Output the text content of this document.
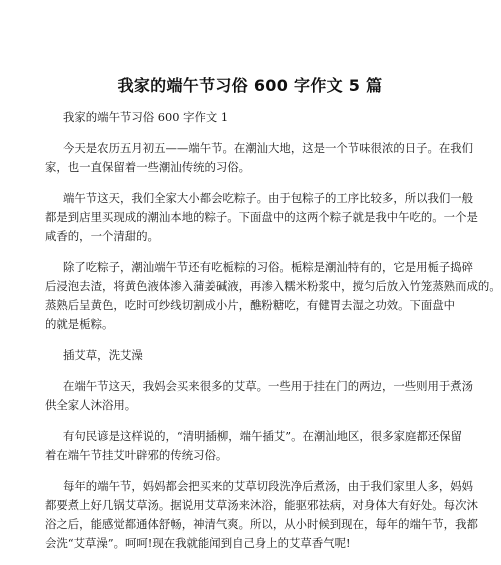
我家的端午节习俗 600 字作文 5 篇
我家的端午节习俗 600 字作文 1
今天是农历五月初五——端午节。在潮汕大地，这是一个节味很浓的日子。在我们
家，也一直保留着一些潮汕传统的习俗。
端午节这天，我们全家大小都会吃粽子。由于包粽子的工序比较多，所以我们一般
都是到店里买现成的潮汕本地的粽子。下面盘中的这两个粽子就是我中午吃的。一个是
咸香的，一个清甜的。
除了吃粽子，潮汕端午节还有吃栀粽的习俗。栀粽是潮汕特有的，它是用栀子捣碎
后浸泡去渣，将黄色液体渗入蒲姜碱液，再渗入糯米粉浆中，搅匀后放入竹笼蒸熟而成的。
蒸熟后呈黄色，吃时可纱线切割成小片，醮粉糖吃，有健胃去湿之功效。下面盘中
的就是栀粽。
插艾草，洗艾澡
在端午节这天，我妈会买来很多的艾草。一些用于挂在门的两边，一些则用于煮汤
供全家人沐浴用。
有句民谚是这样说的，“清明插柳，端午插艾”。在潮汕地区，很多家庭都还保留
着在端午节挂艾叶辟邪的传统习俗。
每年的端午节，妈妈都会把买来的艾草切段洗净后煮汤，由于我们家里人多，妈妈
都要煮上好几锅艾草汤。据说用艾草汤来沐浴，能驱邪祛病，对身体大有好处。每次沐
浴之后，能感觉都通体舒畅，神清气爽。所以，从小时候到现在，每年的端午节，我都
会洗“艾草澡”。呵呵!现在我就能闻到自己身上的艾草香气呢!
